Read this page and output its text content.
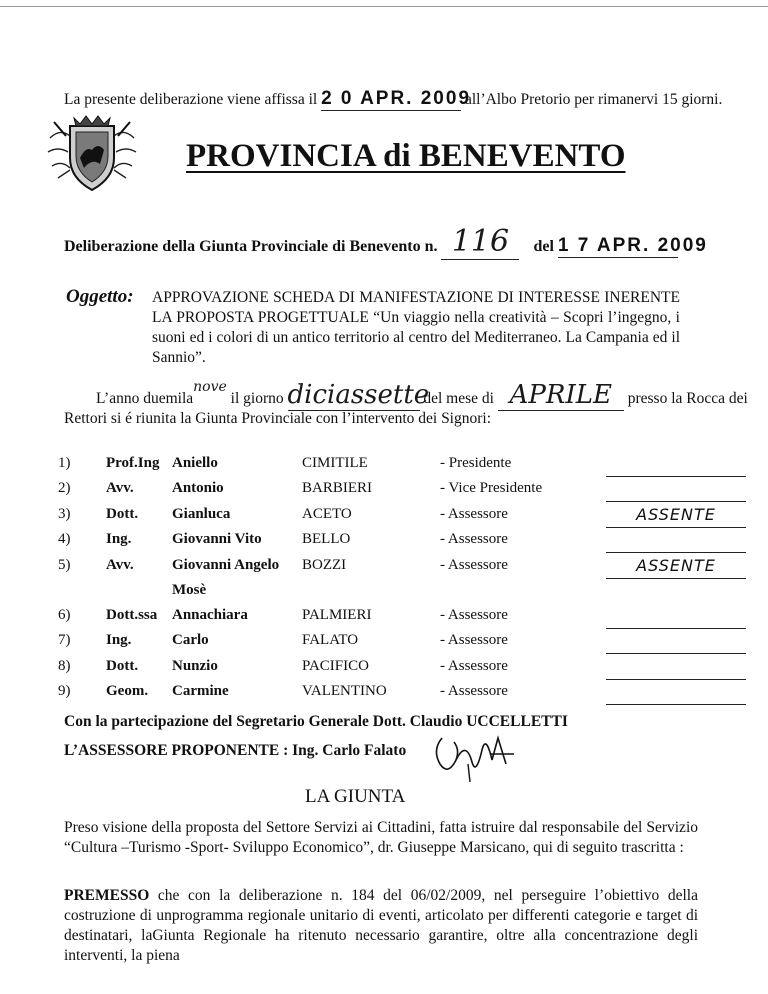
La presente deliberazione viene affissa il 2 0 APR. 2009 all’Albo Pretorio per rimanervi 15 giorni.
PROVINCIA di BENEVENTO
Deliberazione della Giunta Provinciale di Benevento n. 116 del 1 7 APR. 2009
Oggetto: APPROVAZIONE SCHEDA DI MANIFESTAZIONE DI INTERESSE INERENTE LA PROPOSTA PROGETTUALE “Un viaggio nella creatività – Scopri l’ingegno, i suoni ed i colori di un antico territorio al centro del Mediterraneo. La Campania ed il Sannio”.
L’anno duemilanove il giorno diciassette del mese di APRILE presso la Rocca dei
Rettori si é riunita la Giunta Provinciale con l’intervento dei Signori:
1)	Prof.Ing	Aniello	CIMITILE	- Presidente		
2)	Avv.	Antonio	BARBIERI	- Vice Presidente		
3)	Dott.	Gianluca	ACETO	- Assessore		ASSENTE
4)	Ing.	Giovanni Vito	BELLO	- Assessore		
5)	Avv.	Giovanni Angelo	BOZZI	- Assessore		ASSENTE
		Mosè				
6)	Dott.ssa	Annachiara	PALMIERI	- Assessore		
7)	Ing.	Carlo	FALATO	- Assessore		
8)	Dott.	Nunzio	PACIFICO	- Assessore		
9)	Geom.	Carmine	VALENTINO	- Assessore		
Con la partecipazione del Segretario Generale Dott. Claudio UCCELLETTI
L’ASSESSORE PROPONENTE : Ing. Carlo Falato
LA GIUNTA
Preso visione della proposta del Settore Servizi ai Cittadini, fatta istruire dal responsabile del Servizio “Cultura –Turismo -Sport- Sviluppo Economico”, dr. Giuseppe Marsicano, qui di seguito trascritta :
PREMESSO che con la deliberazione n. 184 del 06/02/2009, nel perseguire l’obiettivo della costruzione di unprogramma regionale unitario di eventi, articolato per differenti categorie e target di destinatari, laGiunta Regionale ha ritenuto necessario garantire, oltre alla concentrazione degli interventi, la piena
